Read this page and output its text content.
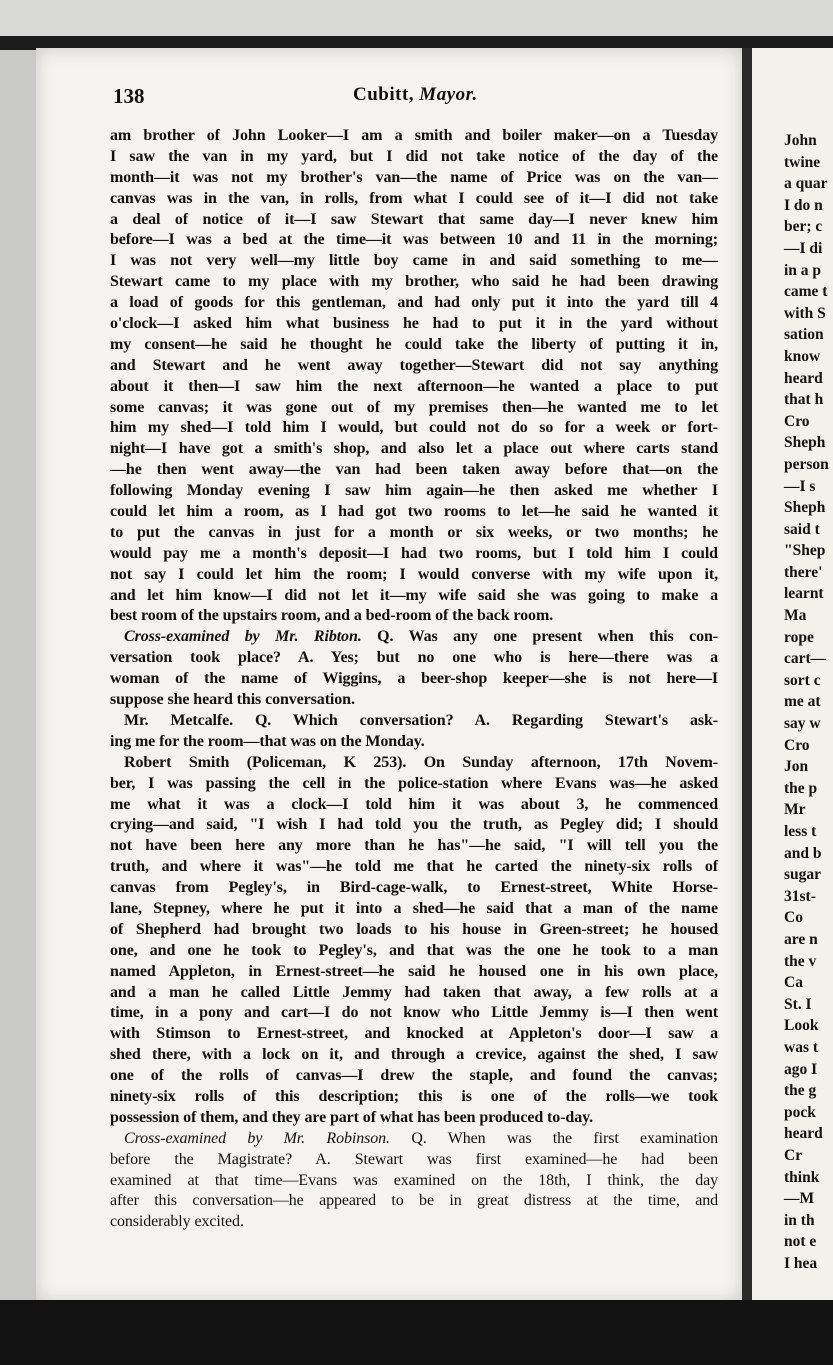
138	Cubitt, Mayor.
am brother of John Looker—I am a smith and boiler maker—on a Tuesday
I saw the van in my yard, but I did not take notice of the day of the
month—it was not my brother's van—the name of Price was on the van—
canvas was in the van, in rolls, from what I could see of it—I did not take
a deal of notice of it—I saw Stewart that same day—I never knew him
before—I was a bed at the time—it was between 10 and 11 in the morning;
I was not very well—my little boy came in and said something to me—
Stewart came to my place with my brother, who said he had been drawing
a load of goods for this gentleman, and had only put it into the yard till 4
o'clock—I asked him what business he had to put it in the yard without
my consent—he said he thought he could take the liberty of putting it in,
and Stewart and he went away together—Stewart did not say anything
about it then—I saw him the next afternoon—he wanted a place to put
some canvas; it was gone out of my premises then—he wanted me to let
him my shed—I told him I would, but could not do so for a week or fort-
night—I have got a smith's shop, and also let a place out where carts stand
—he then went away—the van had been taken away before that—on the
following Monday evening I saw him again—he then asked me whether I
could let him a room, as I had got two rooms to let—he said he wanted it
to put the canvas in just for a month or six weeks, or two months; he
would pay me a month's deposit—I had two rooms, but I told him I could
not say I could let him the room; I would converse with my wife upon it,
and let him know—I did not let it—my wife said she was going to make a
best room of the upstairs room, and a bed-room of the back room.
Cross-examined by Mr. Ribton. Q. Was any one present when this con-
versation took place? A. Yes; but no one who is here—there was a
woman of the name of Wiggins, a beer-shop keeper—she is not here—I
suppose she heard this conversation.
Mr. Metcalfe. Q. Which conversation? A. Regarding Stewart's ask-
ing me for the room—that was on the Monday.
Robert Smith (Policeman, K 253). On Sunday afternoon, 17th Novem-
ber, I was passing the cell in the police-station where Evans was—he asked
me what it was a clock—I told him it was about 3, he commenced
crying—and said, "I wish I had told you the truth, as Pegley did; I should
not have been here any more than he has"—he said, "I will tell you the
truth, and where it was"—he told me that he carted the ninety-six rolls of
canvas from Pegley's, in Bird-cage-walk, to Ernest-street, White Horse-
lane, Stepney, where he put it into a shed—he said that a man of the name
of Shepherd had brought two loads to his house in Green-street; he housed
one, and one he took to Pegley's, and that was the one he took to a man
named Appleton, in Ernest-street—he said he housed one in his own place,
and a man he called Little Jemmy had taken that away, a few rolls at a
time, in a pony and cart—I do not know who Little Jemmy is—I then went
with Stimson to Ernest-street, and knocked at Appleton's door—I saw a
shed there, with a lock on it, and through a crevice, against the shed, I saw
one of the rolls of canvas—I drew the staple, and found the canvas;
ninety-six rolls of this description; this is one of the rolls—we took
possession of them, and they are part of what has been produced to-day.
Cross-examined by Mr. Robinson. Q. When was the first examination
before the Magistrate? A. Stewart was first examined—he had been
examined at that time—Evans was examined on the 18th, I think, the day
after this conversation—he appeared to be in great distress at the time, and
considerably excited.
John
twine
a quar
I do n
ber; c
—I di
in a p
came t
with S
sation
know
heard
that h
Cro
Sheph
person
—I s
Sheph
said t
"Shep
there'
learnt
Ma
rope
cart—
sort c
me at
say w
Cro
Jon
the p
Mr
less t
and b
sugar
31st-
Co
are n
the v
Ca
St. I
Look
was t
ago I
the g
pock
heard
Cr
think
—M
in th
not e
I hea
